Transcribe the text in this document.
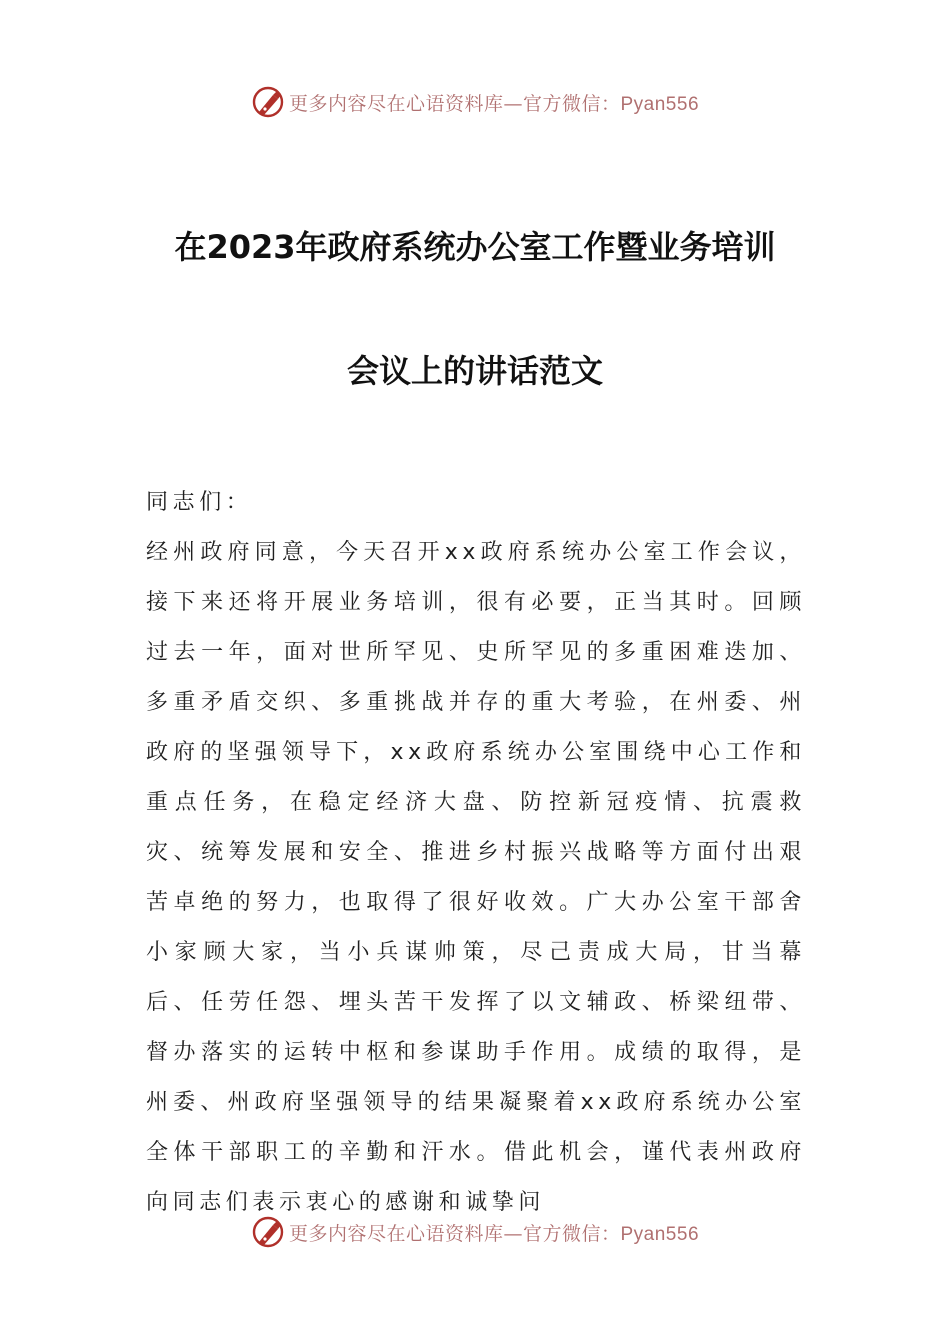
更多内容尽在心语资料库—官方微信：Pyan556
在2023年政府系统办公室工作暨业务培训
会议上的讲话范文

同志们：

经州政府同意，今天召开xx政府系统办公室工作会议，接下来还将开展业务培训，很有必要，正当其时。回顾过去一年，面对世所罕见、史所罕见的多重困难迭加、多重矛盾交织、多重挑战并存的重大考验，在州委、州政府的坚强领导下，xx政府系统办公室围绕中心工作和重点任务，在稳定经济大盘、防控新冠疫情、抗震救灾、统筹发展和安全、推进乡村振兴战略等方面付出艰苦卓绝的努力，也取得了很好收效。广大办公室干部舍小家顾大家，当小兵谋帅策，尽己责成大局，甘当幕后、任劳任怨、埋头苦干发挥了以文辅政、桥梁纽带、督办落实的运转中枢和参谋助手作用。成绩的取得，是州委、州政府坚强领导的结果凝聚着xx政府系统办公室全体干部职工的辛勤和汗水。借此机会，谨代表州政府向同志们表示衷心的感谢和诚挚问

更多内容尽在心语资料库—官方微信：Pyan556
